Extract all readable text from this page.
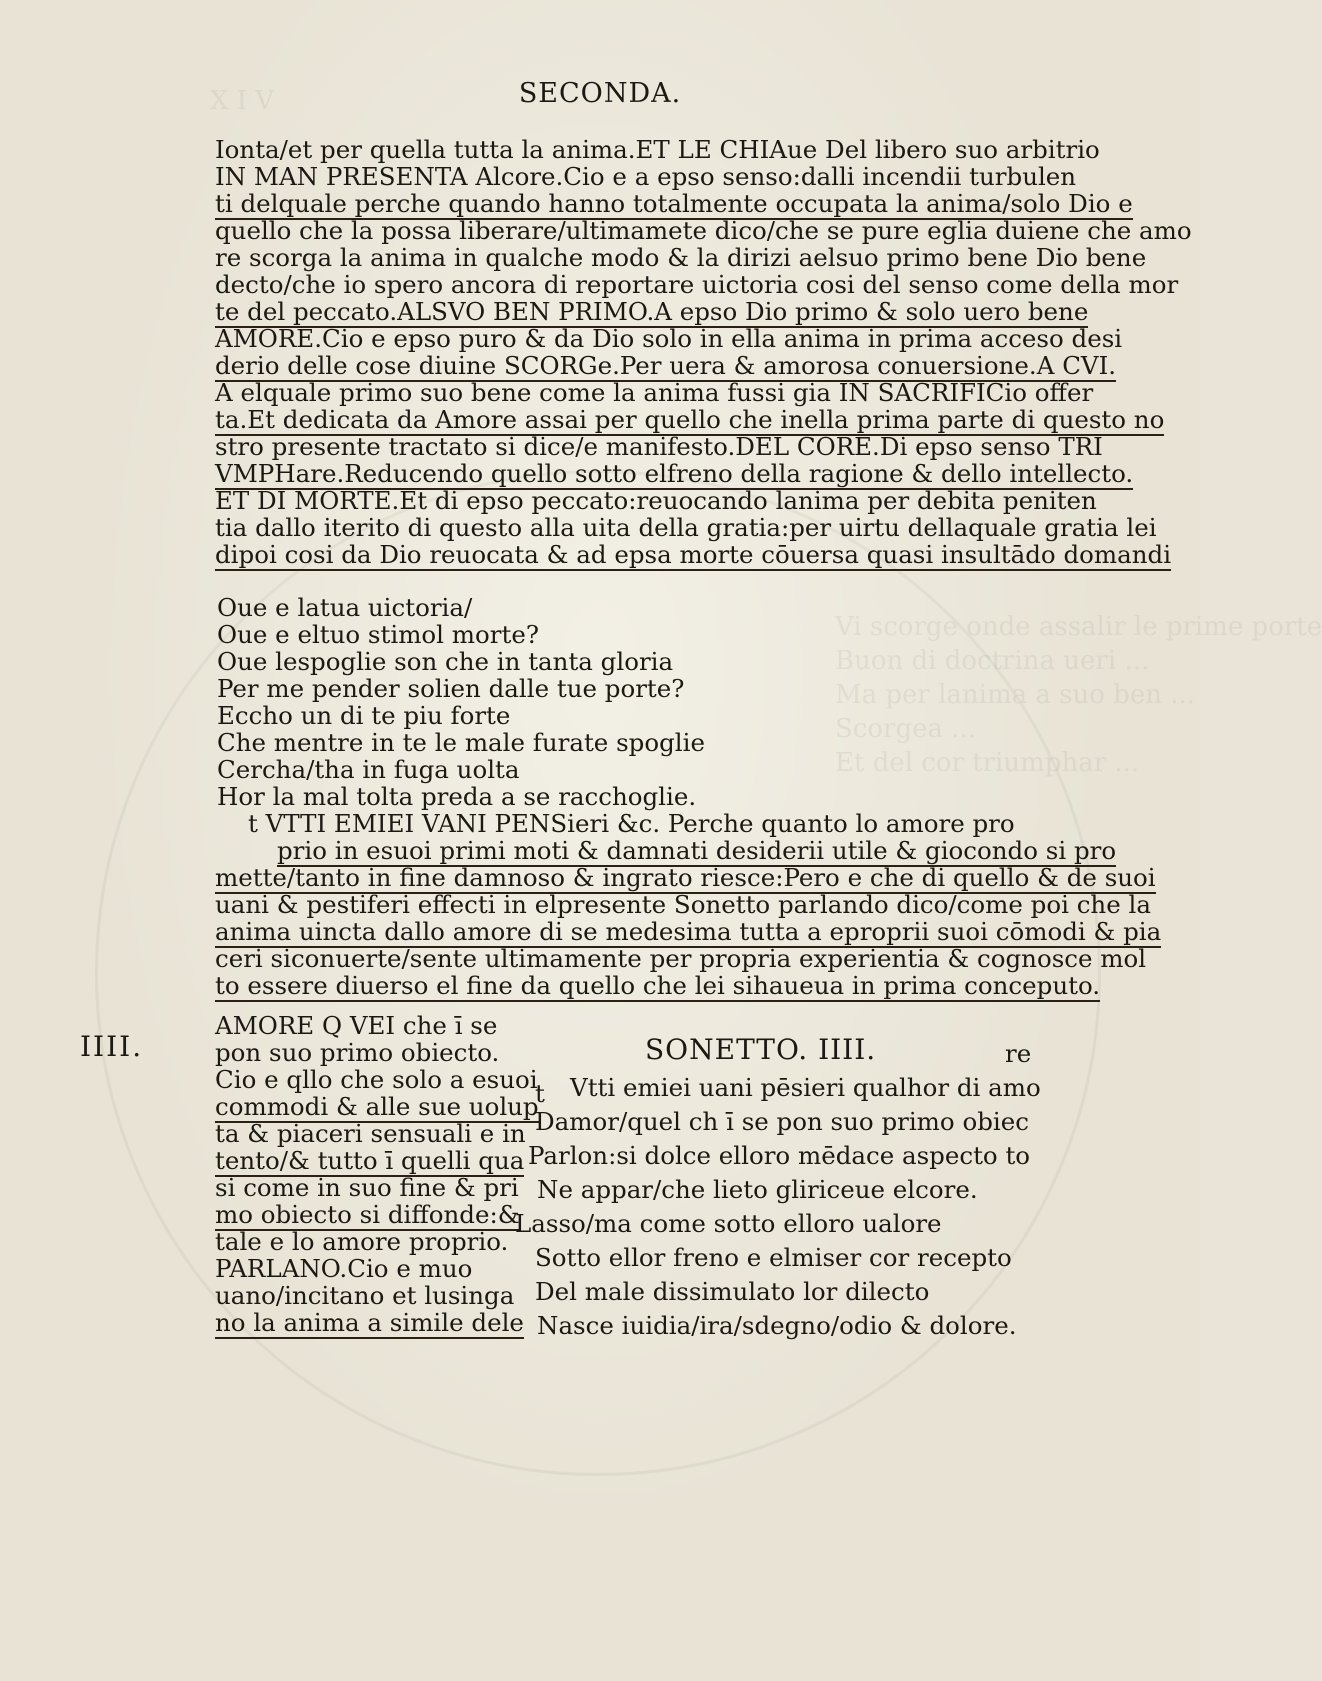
X I V
Vi scorge onde assalir le prime porte
Buon di doctrina ueri ...
Ma per lanima a suo ben ...
Scorgea ...
Et del cor triumphar ...
SECONDA.
IIII.
Ionta/et per quella tutta la anima.ET LE CHIAue Del libero suo arbitrio
IN MAN PRESENTA Alcore.Cio e a epso senso:dalli incendii turbulen
ti delquale perche quando hanno totalmente occupata la anima/solo Dio e
quello che la possa liberare/ultimamete dico/che se pure eglia duiene che amo
re scorga la anima in qualche modo & la dirizi aelsuo primo bene Dio bene
decto/che io spero ancora di reportare uictoria cosi del senso come della mor
te del peccato.ALSVO BEN PRIMO.A epso Dio primo & solo uero bene
AMORE.Cio e epso puro & da Dio solo in ella anima in prima acceso desi
derio delle cose diuine SCORGe.Per uera & amorosa conuersione.A CVI.
A elquale primo suo bene come la anima fussi gia IN SACRIFICio offer
ta.Et dedicata da Amore assai per quello che inella prima parte di questo no
stro presente tractato si dice/e manifesto.DEL CORE.Di epso senso TRI
VMPHare.Reducendo quello sotto elfreno della ragione & dello intellecto.
ET DI MORTE.Et di epso peccato:reuocando lanima per debita peniten
tia dallo iterito di questo alla uita della gratia:per uirtu dellaquale gratia lei
dipoi cosi da Dio reuocata & ad epsa morte cōuersa quasi insultādo domandi
Oue e latua uictoria/
Oue e eltuo stimol morte?
Oue lespoglie son che in tanta gloria
Per me pender solien dalle tue porte?
Eccho un di te piu forte
Che mentre in te le male furate spoglie
Cercha/tha in fuga uolta
Hor la mal tolta preda a se racchoglie.
t VTTI EMIEI VANI PENSieri &c. Perche quanto lo amore pro
prio in esuoi primi moti & damnati desiderii utile & giocondo si pro
mette/tanto in fine damnoso & ingrato riesce:Pero e che di quello & de suoi
uani & pestiferi effecti in elpresente Sonetto parlando dico/come poi che la
anima uincta dallo amore di se medesima tutta a eproprii suoi cōmodi & pia
ceri siconuerte/sente ultimamente per propria experientia & cognosce mol
to essere diuerso el fine da quello che lei sihaueua in prima conceputo.
AMORE Q VEI che ī se
pon suo primo obiecto.
Cio e qllo che solo a esuoi
commodi & alle sue uolup
ta & piaceri sensuali e in
tento/& tutto ī quelli qua
si come in suo fine & pri
mo obiecto si diffonde:&
tale e lo amore proprio.
PARLANO.Cio e muo
uano/incitano et lusinga
no la anima a simile dele
SONETTO. IIII.	re
t Vtti emiei uani pēsieri qualhor di amo
Damor/quel ch ī se pon suo primo obiec
Parlon:si dolce elloro mēdace aspecto to
Ne appar/che lieto gliriceue elcore.
Lasso/ma come sotto elloro ualore
Sotto ellor freno e elmiser cor recepto
Del male dissimulato lor dilecto
Nasce iuidia/ira/sdegno/odio & dolore.
